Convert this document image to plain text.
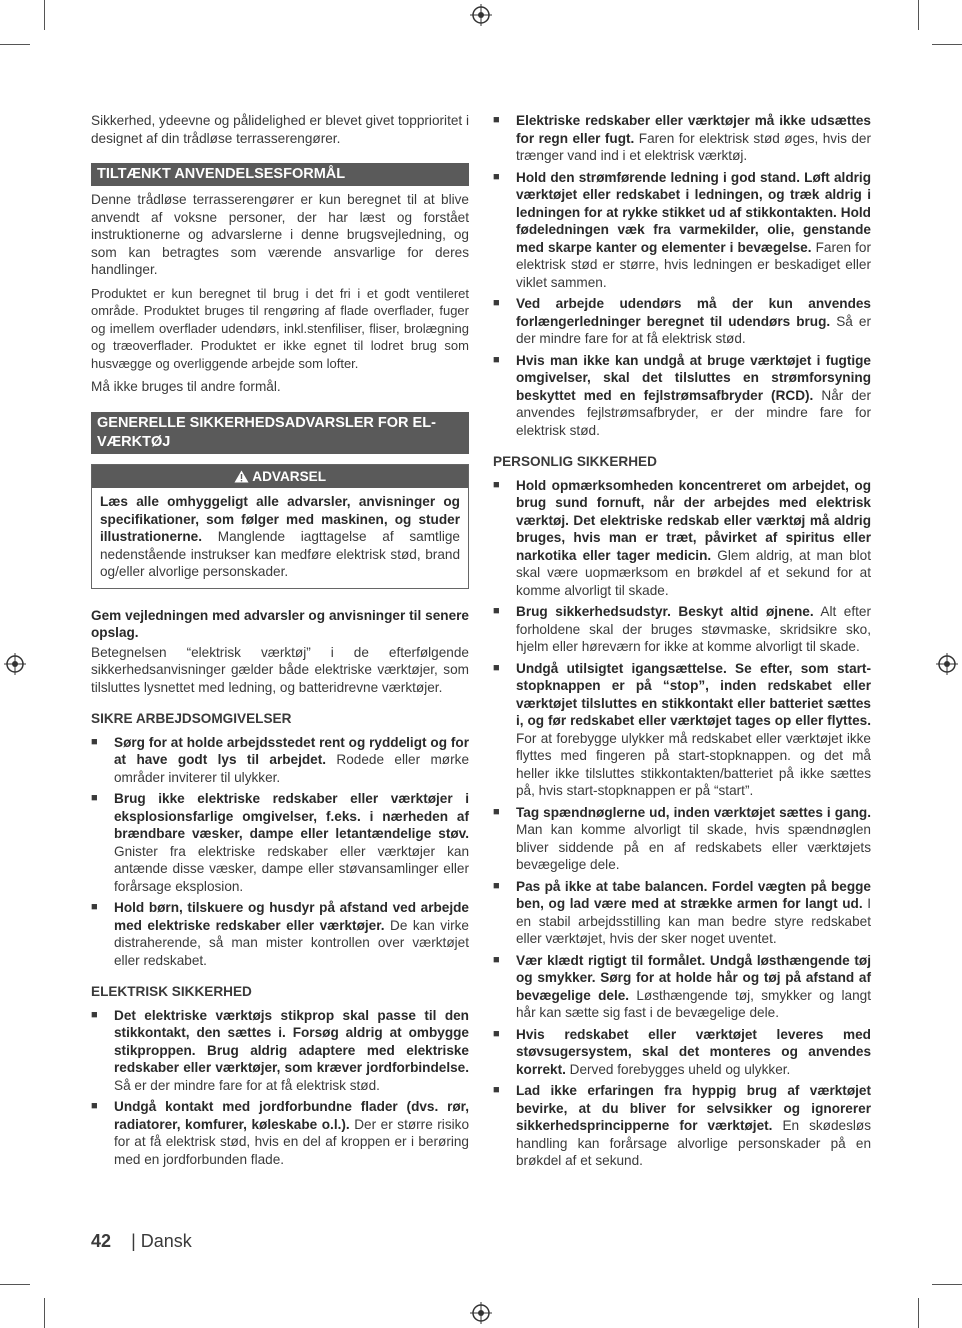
Sikkerhed, ydeevne og pålidelighed er blevet givet topprioritet i designet af din trådløse terrasserengører.

TILTÆNKT ANVENDELSESFORMÅL

Denne trådløse terrasserengører er kun beregnet til at blive anvendt af voksne personer, der har læst og forstået instruktionerne og advarslerne i denne brugsvejledning, og som kan betragtes som værende ansvarlige for deres handlinger.

Produktet er kun beregnet til brug i det fri i et godt ventileret område. Produktet bruges til rengøring af flade overflader, fuger og imellem overflader udendørs, inkl.stenfiliser, fliser, brolægning og træoverflader. Produktet er ikke egnet til lodret brug som husvægge og overliggende arbejde som lofter.

Må ikke bruges til andre formål.

GENERELLE SIKKERHEDSADVARSLER FOR EL-VÆRKTØJ
ADVARSEL
Læs alle omhyggeligt alle advarsler, anvisninger og specifikationer, som følger med maskinen, og studer illustrationerne. Manglende iagttagelse af samtlige nedenstående instrukser kan medføre elektrisk stød, brand og/eller alvorlige personskader.

Gem vejledningen med advarsler og anvisninger til senere opslag.

Betegnelsen “elektrisk værktøj” i de efterfølgende sikkerhedsanvisninger gælder både elektriske værktøjer, som tilsluttes lysnettet med ledning, og batteridrevne værktøjer.

SIKRE ARBEJDSOMGIVELSER
■ Sørg for at holde arbejdsstedet rent og ryddeligt og for at have godt lys til arbejdet. Rodede eller mørke områder inviterer til ulykker.
■ Brug ikke elektriske redskaber eller værktøjer i eksplosionsfarlige omgivelser, f.eks. i nærheden af brændbare væsker, dampe eller letantændelige støv. Gnister fra elektriske redskaber eller værktøjer kan antænde disse væsker, dampe eller støvansamlinger eller forårsage eksplosion.
■ Hold børn, tilskuere og husdyr på afstand ved arbejde med elektriske redskaber eller værktøjer. De kan virke distraherende, så man mister kontrollen over værktøjet eller redskabet.
ELEKTRISK SIKKERHED
■ Det elektriske værktøjs stikprop skal passe til den stikkontakt, den sættes i. Forsøg aldrig at ombygge stikproppen. Brug aldrig adaptere med elektriske redskaber eller værktøjer, som kræver jordforbindelse. Så er der mindre fare for at få elektrisk stød.
■ Undgå kontakt med jordforbundne flader (dvs. rør, radiatorer, komfurer, køleskabe o.l.). Der er større risiko for at få elektrisk stød, hvis en del af kroppen er i berøring med en jordforbunden flade.
■ Elektriske redskaber eller værktøjer må ikke udsættes for regn eller fugt. Faren for elektrisk stød øges, hvis der trænger vand ind i et elektrisk værktøj.
■ Hold den strømførende ledning i god stand. Løft aldrig værktøjet eller redskabet i ledningen, og træk aldrig i ledningen for at rykke stikket ud af stikkontakten. Hold fødeledningen væk fra varmekilder, olie, genstande med skarpe kanter og elementer i bevægelse. Faren for elektrisk stød er større, hvis ledningen er beskadiget eller viklet sammen.
■ Ved arbejde udendørs må der kun anvendes forlængerledninger beregnet til udendørs brug. Så er der mindre fare for at få elektrisk stød.
■ Hvis man ikke kan undgå at bruge værktøjet i fugtige omgivelser, skal det tilsluttes en strømforsyning beskyttet med en fejlstrømsafbryder (RCD). Når der anvendes fejlstrømsafbryder, er der mindre fare for elektrisk stød.
PERSONLIG SIKKERHED
■ Hold opmærksomheden koncentreret om arbejdet, og brug sund fornuft, når der arbejdes med elektrisk værktøj. Det elektriske redskab eller værktøj må aldrig bruges, hvis man er træt, påvirket af spiritus eller narkotika eller tager medicin. Glem aldrig, at man blot skal være uopmærksom en brøkdel af et sekund for at komme alvorligt til skade.
■ Brug sikkerhedsudstyr. Beskyt altid øjnene. Alt efter forholdene skal der bruges støvmaske, skridsikre sko, hjelm eller høreværn for ikke at komme alvorligt til skade.
■ Undgå utilsigtet igangsættelse. Se efter, som start-stopknappen er på “stop”, inden redskabet eller værktøjet tilsluttes en stikkontakt eller batteriet sættes i, og før redskabet eller værktøjet tages op eller flyttes. For at forebygge ulykker må redskabet eller værktøjet ikke flyttes med fingeren på start-stopknappen. og det må heller ikke tilsluttes stikkontakten/batteriet på ikke sættes på, hvis start-stopknappen er på “start”.
■ Tag spændnøglerne ud, inden værktøjet sættes i gang. Man kan komme alvorligt til skade, hvis spændnøglen bliver siddende på en af redskabets eller værktøjets bevægelige dele.
■ Pas på ikke at tabe balancen. Fordel vægten på begge ben, og lad være med at strække armen for langt ud. I en stabil arbejdsstilling kan man bedre styre redskabet eller værktøjet, hvis der sker noget uventet.
■ Vær klædt rigtigt til formålet. Undgå løsthængende tøj og smykker. Sørg for at holde hår og tøj på afstand af bevægelige dele. Løsthængende tøj, smykker og langt hår kan sætte sig fast i de bevægelige dele.
■ Hvis redskabet eller værktøjet leveres med støvsugersystem, skal det monteres og anvendes korrekt. Derved forebygges uheld og ulykker.
■ Lad ikke erfaringen fra hyppig brug af værktøjet bevirke, at du bliver for selvsikker og ignorerer sikkerhedsprincipperne for værktøjet. En skødesløs handling kan forårsage alvorlige personskader på en brøkdel af et sekund.
42 | Dansk
